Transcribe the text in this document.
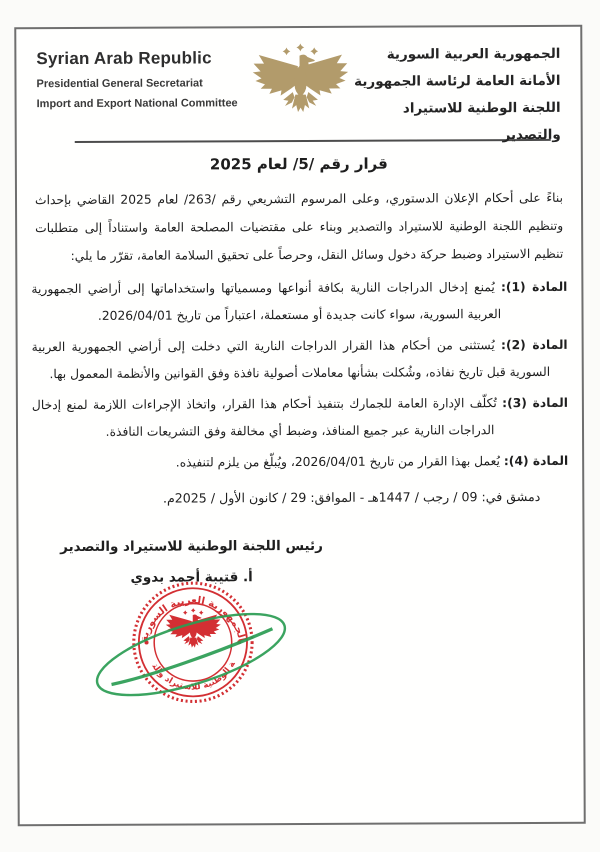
Syrian Arab Republic

Presidential General Secretariat

Import and Export National Committee

الجمهورية العربية السورية
الأمانة العامة لرئاسة الجمهورية
اللجنة الوطنية للاستيراد والتصدير

قرار رقم /5/ لعام 2025

بناءً على أحكام الإعلان الدستوري، وعلى المرسوم التشريعي رقم /263/ لعام 2025 القاضي بإحداث وتنظيم اللجنة الوطنية للاستيراد والتصدير وبناء على مقتضيات المصلحة العامة واستناداً إلى متطلبات تنظيم الاستيراد وضبط حركة دخول وسائل النقل، وحرصاً على تحقيق السلامة العامة، تقرّر ما يلي:

المادة (1): يُمنع إدخال الدراجات النارية بكافة أنواعها ومسمياتها واستخداماتها إلى أراضي الجمهورية العربية السورية، سواء كانت جديدة أو مستعملة، اعتباراً من تاريخ 2026/04/01.

المادة (2): يُستثنى من أحكام هذا القرار الدراجات النارية التي دخلت إلى أراضي الجمهورية العربية السورية قبل تاريخ نفاذه، وشُكلت بشأنها معاملات أصولية نافذة وفق القوانين والأنظمة المعمول بها.

المادة (3): تُكلّف الإدارة العامة للجمارك بتنفيذ أحكام هذا القرار، واتخاذ الإجراءات اللازمة لمنع إدخال الدراجات النارية عبر جميع المنافذ، وضبط أي مخالفة وفق التشريعات النافذة.

المادة (4): يُعمل بهذا القرار من تاريخ 2026/04/01، ويُبلّغ من يلزم لتنفيذه.

دمشق في: 09 / رجب / 1447هـ - الموافق: 29 / كانون الأول / 2025م.

رئيس اللجنة الوطنية للاستيراد والتصدير
أ. قتيبة أحمد بدوي
الجمهورية العربية السورية
اللجنة الوطنية للاستيراد والتصدير
